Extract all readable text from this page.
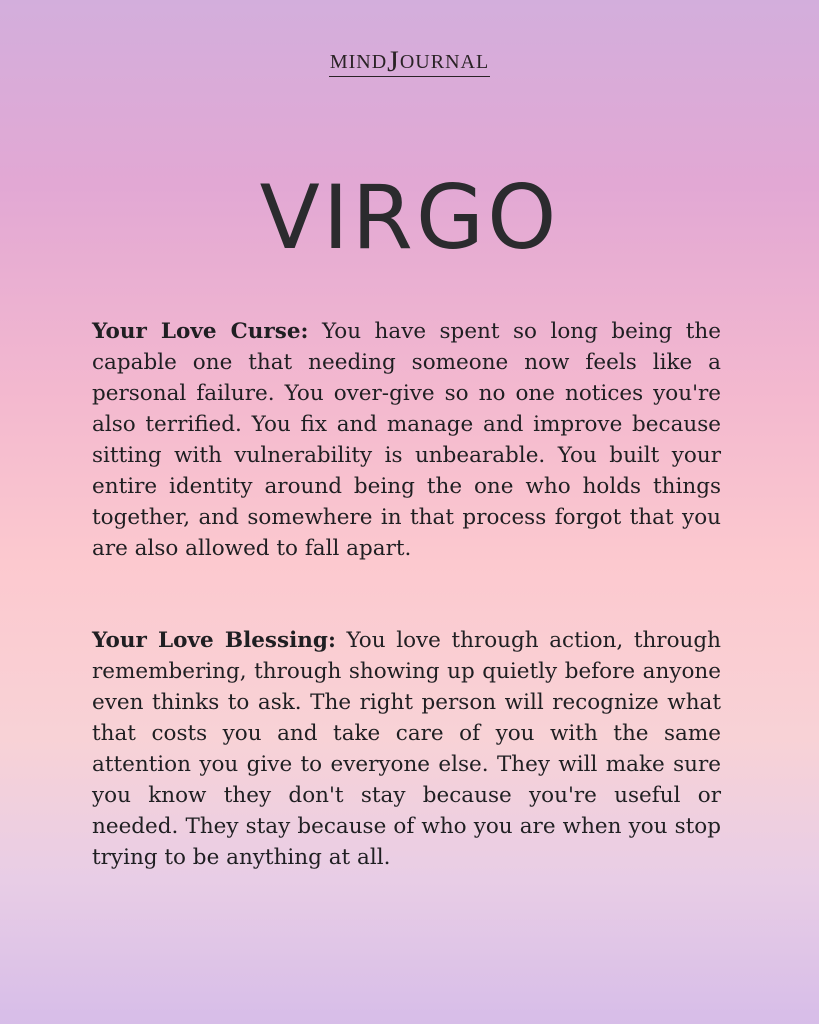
MINDJOURNAL
VIRGO

Your Love Curse: You have spent so long being the capable one that needing someone now feels like a personal failure. You over-give so no one notices you're also terrified. You fix and manage and improve because sitting with vulnerability is unbearable. You built your entire identity around being the one who holds things together, and somewhere in that process forgot that you are also allowed to fall apart.

Your Love Blessing: You love through action, through remembering, through showing up quietly before anyone even thinks to ask. The right person will recognize what that costs you and take care of you with the same attention you give to everyone else. They will make sure you know they don't stay because you're useful or needed. They stay because of who you are when you stop trying to be anything at all.
